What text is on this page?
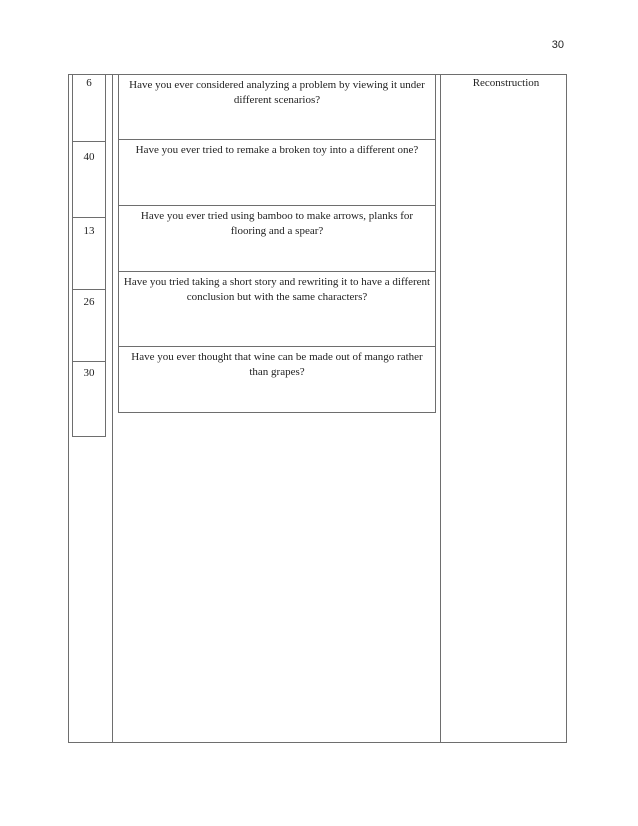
30
6
40
13
26
30
Have you ever considered analyzing a problem by viewing it under different scenarios?
Have you ever tried to remake a broken toy into a different one?
Have you ever tried using bamboo to make arrows, planks for flooring and a spear?
Have you tried taking a short story and rewriting it to have a different conclusion but with the same characters?
Have you ever thought that wine can be made out of mango rather than grapes?
Reconstruction
